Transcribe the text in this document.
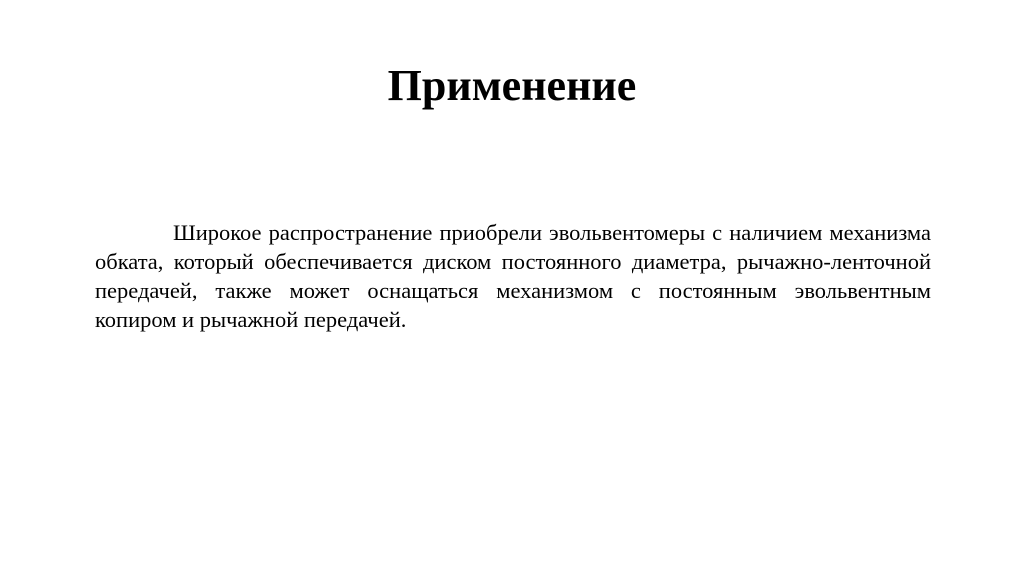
Применение

Широкое распространение приобрели эвольвентомеры с наличием механизма обката, который обеспечивается диском постоянного диаметра, рычажно-ленточной передачей, также может оснащаться механизмом с постоянным эвольвентным копиром и рычажной передачей.
